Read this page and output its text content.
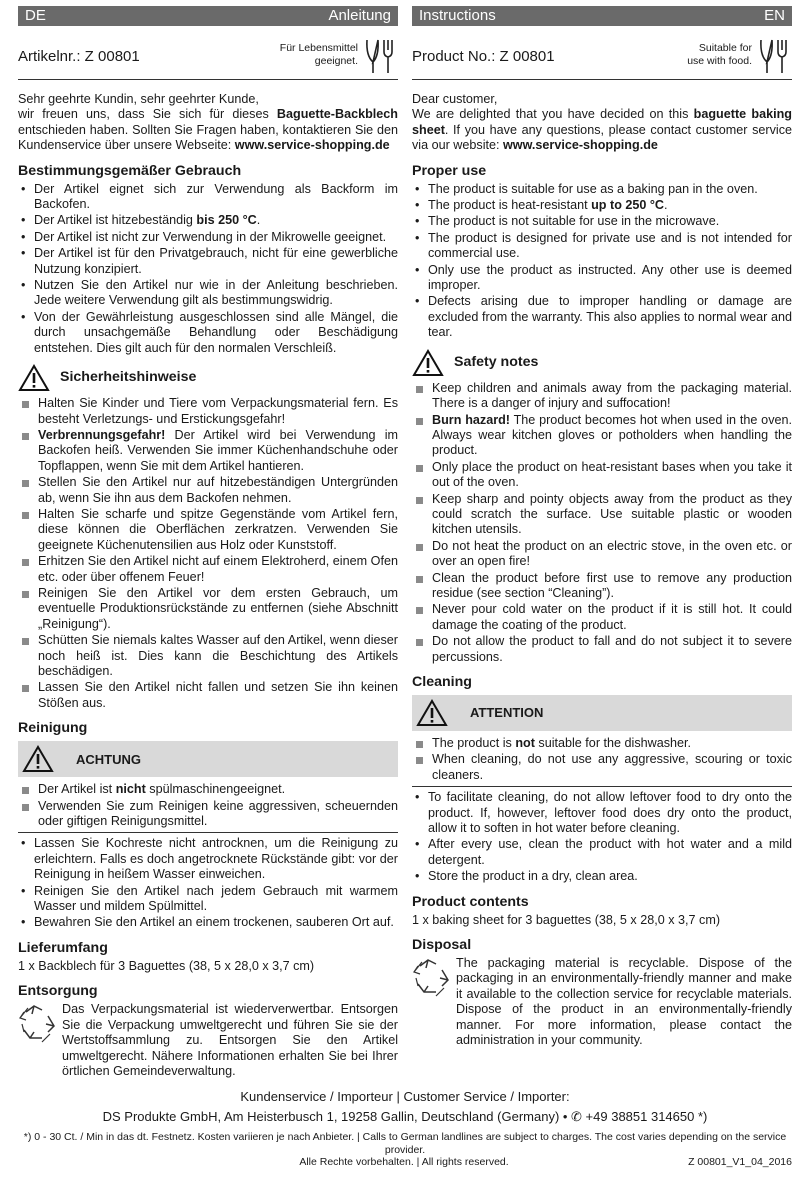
DE	Anleitung
Artikelnr.: Z 00801	Für Lebensmittel
geeignet.

Sehr geehrte Kundin, sehr geehrter Kunde,

wir freuen uns, dass Sie sich für dieses Baguette-Backblech entschieden haben. Sollten Sie Fragen haben, kontaktieren Sie den Kundenservice über unsere Webseite: www.service-shopping.de

Bestimmungsgemäßer Gebrauch
• Der Artikel eignet sich zur Verwendung als Backform im Backofen.
• Der Artikel ist hitzebeständig bis 250 °C.
• Der Artikel ist nicht zur Verwendung in der Mikrowelle geeignet.
• Der Artikel ist für den Privatgebrauch, nicht für eine gewerbliche Nutzung konzipiert.
• Nutzen Sie den Artikel nur wie in der Anleitung beschrieben. Jede weitere Verwendung gilt als bestimmungswidrig.
• Von der Gewährleistung ausgeschlossen sind alle Mängel, die durch unsachgemäße Behandlung oder Beschädigung entstehen. Dies gilt auch für den normalen Verschleiß.
Sicherheitshinweise
Halten Sie Kinder und Tiere vom Verpackungsmaterial fern. Es besteht Verletzungs- und Erstickungsgefahr!
Verbrennungsgefahr! Der Artikel wird bei Verwendung im Backofen heiß. Verwenden Sie immer Küchenhandschuhe oder Topflappen, wenn Sie mit dem Artikel hantieren.
Stellen Sie den Artikel nur auf hitzebeständigen Untergründen ab, wenn Sie ihn aus dem Backofen nehmen.
Halten Sie scharfe und spitze Gegenstände vom Artikel fern, diese können die Oberflächen zerkratzen. Verwenden Sie geeignete Küchenutensilien aus Holz oder Kunststoff.
Erhitzen Sie den Artikel nicht auf einem Elektroherd, einem Ofen etc. oder über offenem Feuer!
Reinigen Sie den Artikel vor dem ersten Gebrauch, um eventuelle Produktionsrückstände zu entfernen (siehe Abschnitt „Reinigung“).
Schütten Sie niemals kaltes Wasser auf den Artikel, wenn dieser noch heiß ist. Dies kann die Beschichtung des Artikels beschädigen.
Lassen Sie den Artikel nicht fallen und setzen Sie ihn keinen Stößen aus.
Reinigung
ACHTUNG
Der Artikel ist nicht spülmaschinengeeignet.
Verwenden Sie zum Reinigen keine aggressiven, scheuernden oder giftigen Reinigungsmittel.
• Lassen Sie Kochreste nicht antrocknen, um die Reinigung zu erleichtern. Falls es doch angetrocknete Rückstände gibt: vor der Reinigung in heißem Wasser einweichen.
• Reinigen Sie den Artikel nach jedem Gebrauch mit warmem Wasser und mildem Spülmittel.
• Bewahren Sie den Artikel an einem trockenen, sauberen Ort auf.
Lieferumfang

1 x Backblech für 3 Baguettes (38, 5 x 28,0 x 3,7 cm)

Entsorgung

Das Verpackungsmaterial ist wiederverwertbar. Entsorgen Sie die Verpackung umweltgerecht und führen Sie sie der Wertstoffsammlung zu. Entsorgen Sie den Artikel umweltgerecht. Nähere Informationen erhalten Sie bei Ihrer örtlichen Gemeindeverwaltung.

Instructions	EN
Product No.: Z 00801	Suitable for
use with food.

Dear customer,

We are delighted that you have decided on this baguette baking sheet. If you have any questions, please contact customer service via our website: www.service-shopping.de

Proper use
• The product is suitable for use as a baking pan in the oven.
• The product is heat-resistant up to 250 °C.
• The product is not suitable for use in the microwave.
• The product is designed for private use and is not intended for commercial use.
• Only use the product as instructed. Any other use is deemed improper.
• Defects arising due to improper handling or damage are excluded from the warranty. This also applies to normal wear and tear.
Safety notes
Keep children and animals away from the packaging material. There is a danger of injury and suffocation!
Burn hazard! The product becomes hot when used in the oven. Always wear kitchen gloves or potholders when handling the product.
Only place the product on heat-resistant bases when you take it out of the oven.
Keep sharp and pointy objects away from the product as they could scratch the surface. Use suitable plastic or wooden kitchen utensils.
Do not heat the product on an electric stove, in the oven etc. or over an open fire!
Clean the product before first use to remove any production residue (see section “Cleaning”).
Never pour cold water on the product if it is still hot. It could damage the coating of the product.
Do not allow the product to fall and do not subject it to severe percussions.
Cleaning
ATTENTION
The product is not suitable for the dishwasher.
When cleaning, do not use any aggressive, scouring or toxic cleaners.
• To facilitate cleaning, do not allow leftover food to dry onto the product. If, however, leftover food does dry onto the product, allow it to soften in hot water before cleaning.
• After every use, clean the product with hot water and a mild detergent.
• Store the product in a dry, clean area.
Product contents

1 x baking sheet for 3 baguettes (38, 5 x 28,0 x 3,7 cm)

Disposal

The packaging material is recyclable. Dispose of the packaging in an environmentally-friendly manner and make it available to the collection service for recyclable materials. Dispose of the product in an environmentally-friendly manner. For more information, please contact the administration in your community.

Kundenservice / Importeur | Customer Service / Importer:
DS Produkte GmbH, Am Heisterbusch 1, 19258 Gallin, Deutschland (Germany) • ✆ +49 38851 314650 *)
*) 0 - 30 Ct. / Min in das dt. Festnetz. Kosten variieren je nach Anbieter. | Calls to German landlines are subject to charges. The cost varies depending on the service provider.
Alle Rechte vorbehalten. | All rights reserved.	Z 00801_V1_04_2016
